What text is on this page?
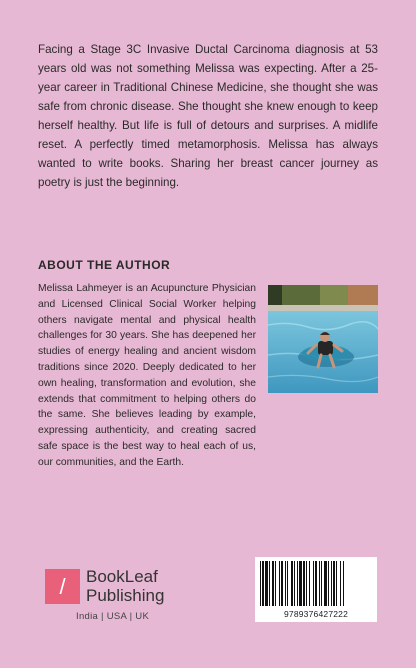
Facing a Stage 3C Invasive Ductal Carcinoma diagnosis at 53 years old was not something Melissa was expecting. After a 25-year career in Traditional Chinese Medicine, she thought she was safe from chronic disease. She thought she knew enough to keep herself healthy. But life is full of detours and surprises. A midlife reset. A perfectly timed metamorphosis. Melissa has always wanted to write books. Sharing her breast cancer journey as poetry is just the beginning.

ABOUT THE AUTHOR

Melissa Lahmeyer is an Acupuncture Physician and Licensed Clinical Social Worker helping others navigate mental and physical health challenges for 30 years. She has deepened her studies of energy healing and ancient wisdom traditions since 2020. Deeply dedicated to her own healing, transformation and evolution, she extends that commitment to helping others do the same. She believes leading by example, expressing authenticity, and creating sacred safe space is the best way to heal each of us, our communities, and the Earth.

/	BookLeaf
Publishing
India | USA | UK	9789376427222
